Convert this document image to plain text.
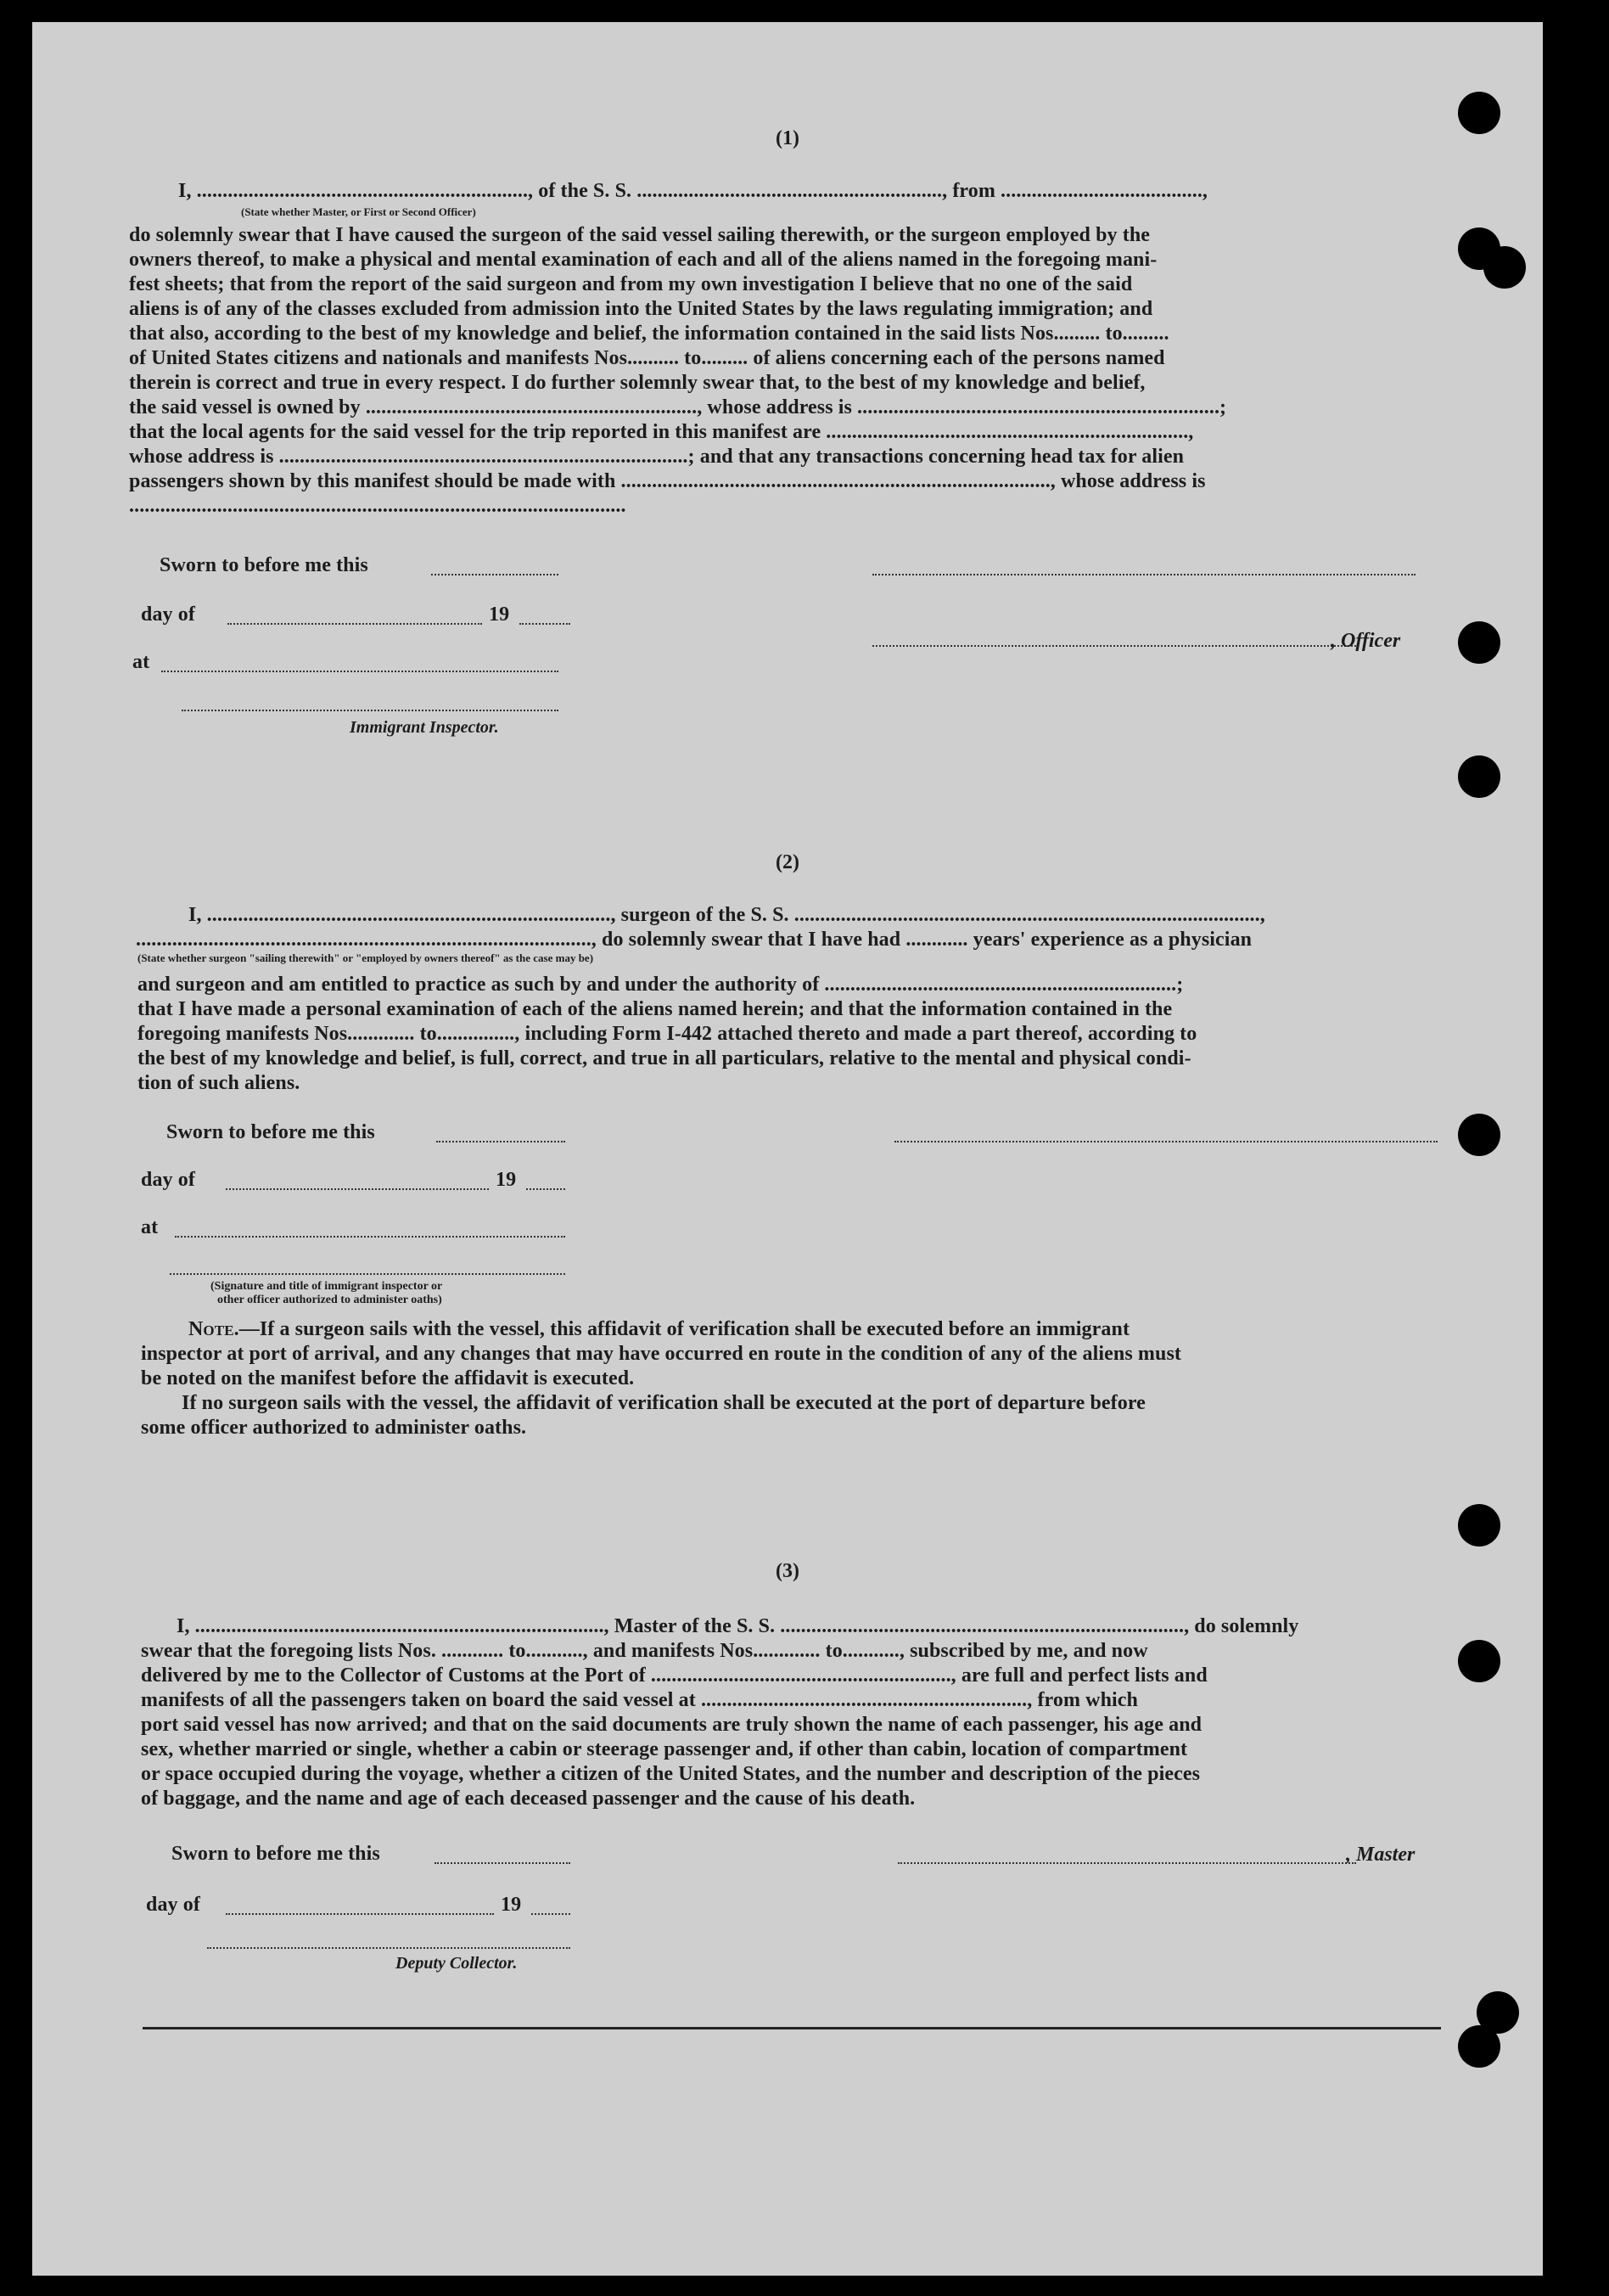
(1)
I, ................................................................, of the S. S. ..........................................................., from .......................................,
(State whether Master, or First or Second Officer)
do solemnly swear that I have caused the surgeon of the said vessel sailing therewith, or the surgeon employed by the
owners thereof, to make a physical and mental examination of each and all of the aliens named in the foregoing mani-
fest sheets; that from the report of the said surgeon and from my own investigation I believe that no one of the said
aliens is of any of the classes excluded from admission into the United States by the laws regulating immigration; and
that also, according to the best of my knowledge and belief, the information contained in the said lists Nos......... to.........
of United States citizens and nationals and manifests Nos.......... to......... of aliens concerning each of the persons named
therein is correct and true in every respect. I do further solemnly swear that, to the best of my knowledge and belief,
the said vessel is owned by ................................................................, whose address is ......................................................................;
that the local agents for the said vessel for the trip reported in this manifest are ......................................................................,
whose address is ...............................................................................; and that any transactions concerning head tax for alien
passengers shown by this manifest should be made with ..................................................................................., whose address is
................................................................................................
Sworn to before me this
day of	19
, Officer
at
Immigrant Inspector.
(2)
I, .............................................................................., surgeon of the S. S. ..........................................................................................,
........................................................................................, do solemnly swear that I have had ............ years' experience as a physician
(State whether surgeon "sailing therewith" or "employed by owners thereof" as the case may be)
and surgeon and am entitled to practice as such by and under the authority of ....................................................................;
that I have made a personal examination of each of the aliens named herein; and that the information contained in the
foregoing manifests Nos............. to..............., including Form I-442 attached thereto and made a part thereof, according to
the best of my knowledge and belief, is full, correct, and true in all particulars, relative to the mental and physical condi-
tion of such aliens.
Sworn to before me this
day of	19
at
(Signature and title of immigrant inspector or
other officer authorized to administer oaths)
Note.—If a surgeon sails with the vessel, this affidavit of verification shall be executed before an immigrant
inspector at port of arrival, and any changes that may have occurred en route in the condition of any of the aliens must
be noted on the manifest before the affidavit is executed.
If no surgeon sails with the vessel, the affidavit of verification shall be executed at the port of departure before
some officer authorized to administer oaths.
(3)
I, ..............................................................................., Master of the S. S. .............................................................................., do solemnly
swear that the foregoing lists Nos. ............ to..........., and manifests Nos............. to..........., subscribed by me, and now
delivered by me to the Collector of Customs at the Port of .........................................................., are full and perfect lists and
manifests of all the passengers taken on board the said vessel at ..............................................................., from which
port said vessel has now arrived; and that on the said documents are truly shown the name of each passenger, his age and
sex, whether married or single, whether a cabin or steerage passenger and, if other than cabin, location of compartment
or space occupied during the voyage, whether a citizen of the United States, and the number and description of the pieces
of baggage, and the name and age of each deceased passenger and the cause of his death.
Sworn to before me this	, Master
day of	19
Deputy Collector.
